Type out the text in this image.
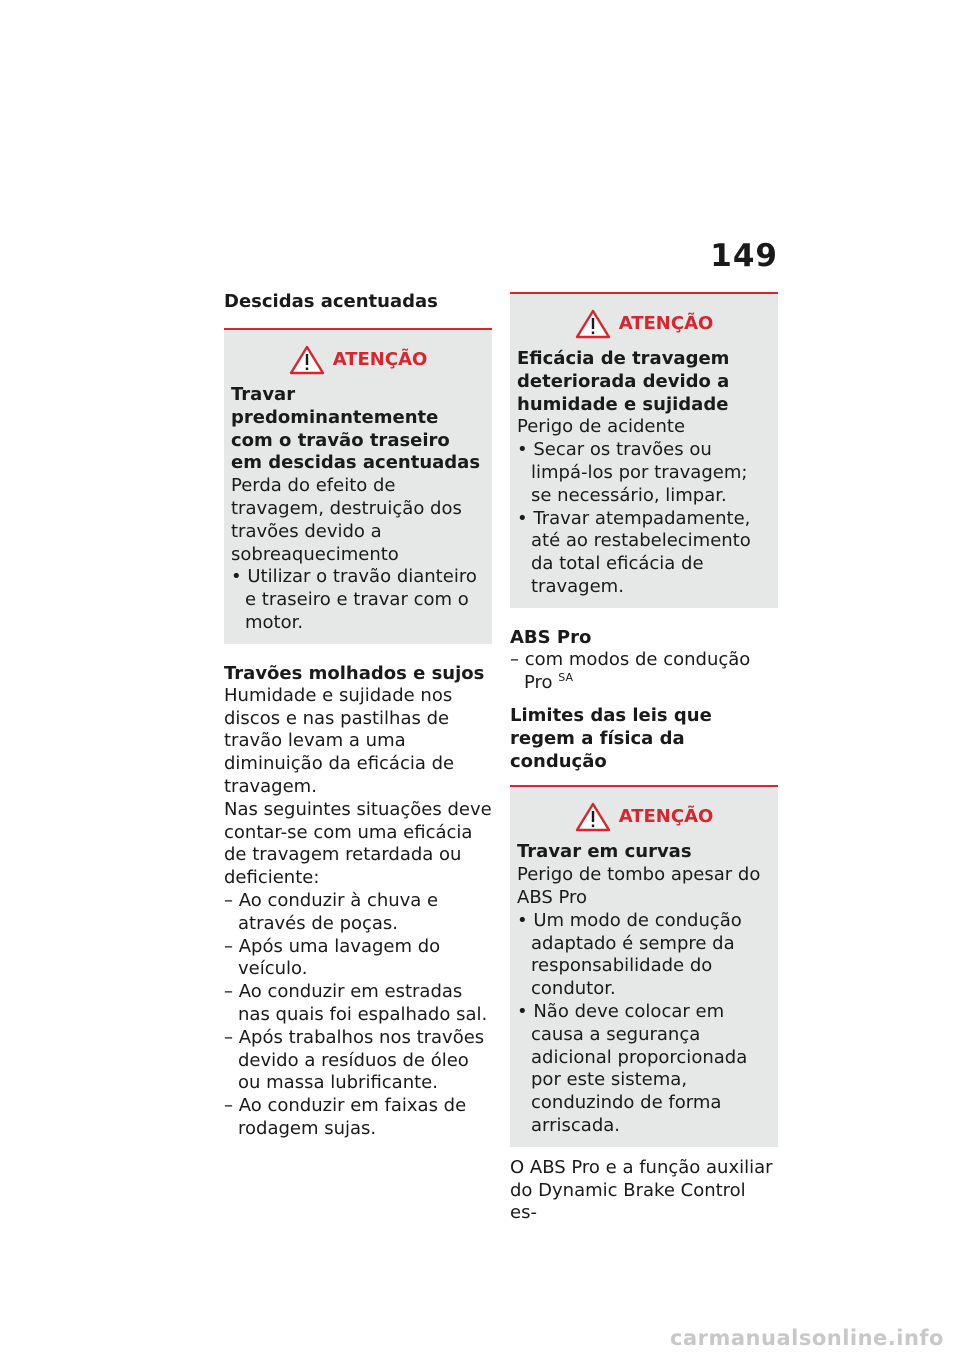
149
Descidas acentuadas
ATENÇÃO
Travar predominantemente com o travão traseiro em descidas acentuadas
Perda do efeito de travagem, destruição dos travões devido a sobreaquecimento
• Utilizar o travão dianteiro e traseiro e travar com o motor.
Travões molhados e sujos
Humidade e sujidade nos discos e nas pastilhas de travão levam a uma diminuição da eficácia de travagem.
Nas seguintes situações deve contar-se com uma eficácia de travagem retardada ou deficiente:
– Ao conduzir à chuva e através de poças.
– Após uma lavagem do veículo.
– Ao conduzir em estradas nas quais foi espalhado sal.
– Após trabalhos nos travões devido a resíduos de óleo ou massa lubrificante.
– Ao conduzir em faixas de rodagem sujas.
ATENÇÃO
Eficácia de travagem deteriorada devido a humidade e sujidade
Perigo de acidente
• Secar os travões ou limpá-los por travagem; se necessário, limpar.
• Travar atempadamente, até ao restabelecimento da total eficácia de travagem.
ABS Pro
– com modos de condução Pro $^{SA}$
Limites das leis que regem a física da condução
ATENÇÃO
Travar em curvas
Perigo de tombo apesar do ABS Pro
• Um modo de condução adaptado é sempre da responsabilidade do condutor.
• Não deve colocar em causa a segurança adicional proporcionada por este sistema, conduzindo de forma arriscada.
O ABS Pro e a função auxiliar do Dynamic Brake Control es-
carmanualsonline.info
